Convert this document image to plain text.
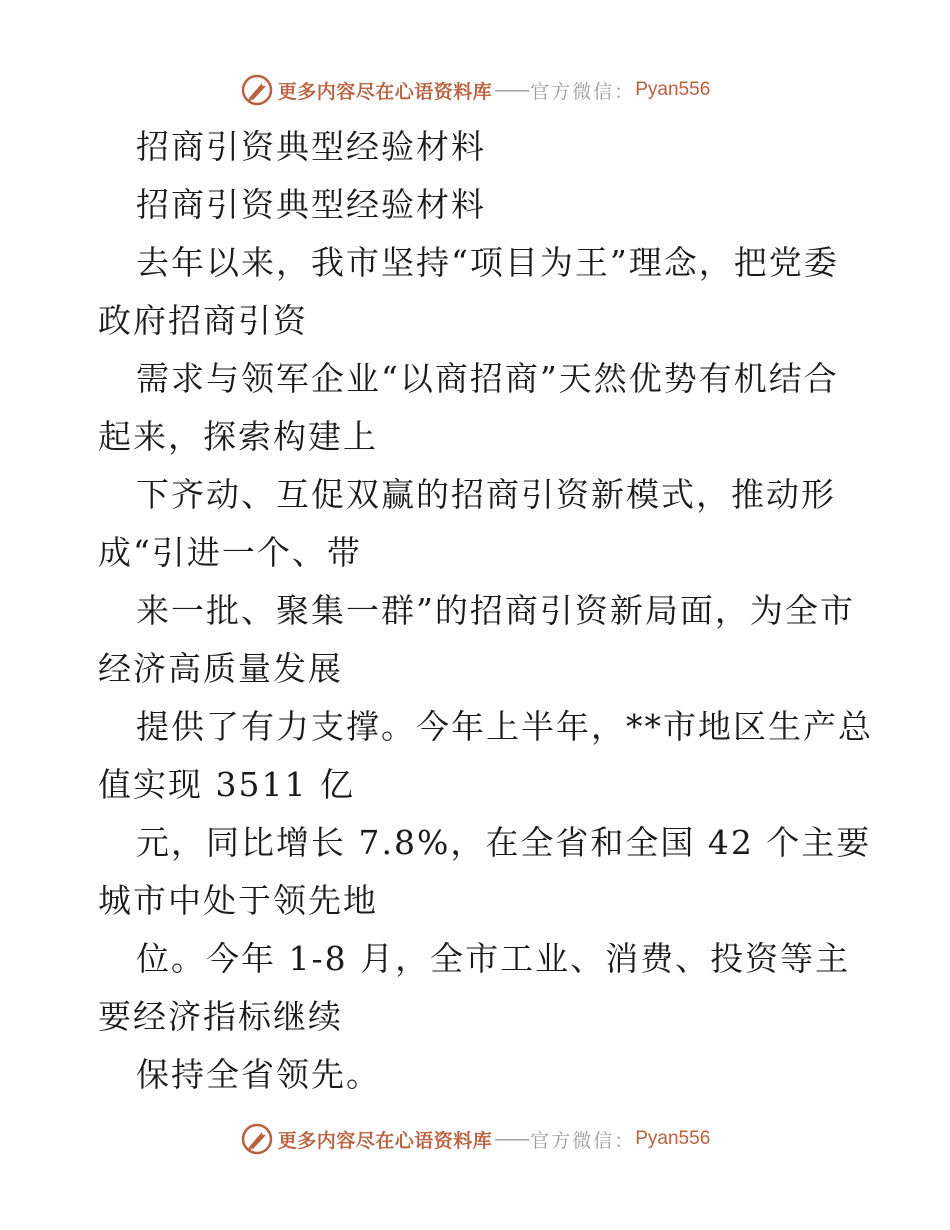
更多内容尽在心语资料库 —— 官方微信： Pyan556

招商引资典型经验材料

招商引资典型经验材料

去年以来，我市坚持“项目为王”理念，把党委

政府招商引资

需求与领军企业“以商招商”天然优势有机结合

起来，探索构建上

下齐动、互促双赢的招商引资新模式，推动形

成“引进一个、带

来一批、聚集一群”的招商引资新局面，为全市

经济高质量发展

提供了有力支撑。今年上半年，**市地区生产总

值实现 3511 亿

元，同比增长 7.8%，在全省和全国 42 个主要

城市中处于领先地

位。今年 1-8 月，全市工业、消费、投资等主

要经济指标继续

保持全省领先。

更多内容尽在心语资料库 —— 官方微信： Pyan556
